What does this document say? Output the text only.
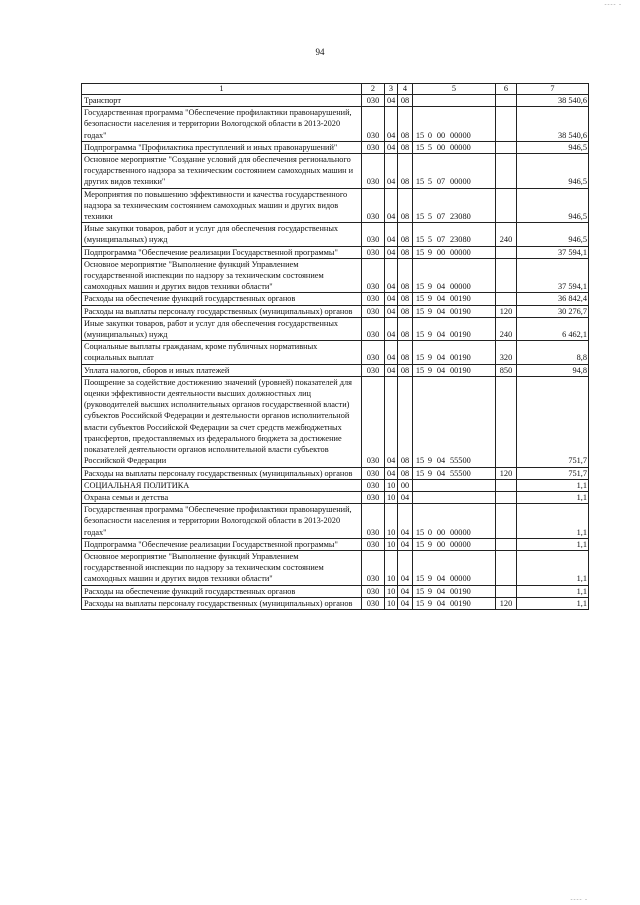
‑‑‑‑ ‑
94
1	2	3	4	5	6	7
Транспорт	030	04	08			38 540,6
Государственная программа "Обеспечение профилактики правонарушений, безопасности населения и территории Вологодской области в 2013-2020 годах"	030	04	08	15 0 00 00000		38 540,6
Подпрограмма "Профилактика преступлений и иных правонарушений"	030	04	08	15 5 00 00000		946,5
Основное мероприятие "Создание условий для обеспечения регионального государственного надзора за техническим состоянием самоходных машин и других видов техники"	030	04	08	15 5 07 00000		946,5
Мероприятия по повышению эффективности и качества государственного надзора за техническим состоянием самоходных машин и других видов техники	030	04	08	15 5 07 23080		946,5
Иные закупки товаров, работ и услуг для обеспечения государственных (муниципальных) нужд	030	04	08	15 5 07 23080	240	946,5
Подпрограмма "Обеспечение реализации Государственной программы"	030	04	08	15 9 00 00000		37 594,1
Основное мероприятие "Выполнение функций Управлением государственной инспекции по надзору за техническим состоянием самоходных машин и других видов техники области"	030	04	08	15 9 04 00000		37 594,1
Расходы на обеспечение функций государственных органов	030	04	08	15 9 04 00190		36 842,4
Расходы на выплаты персоналу государственных (муниципальных) органов	030	04	08	15 9 04 00190	120	30 276,7
Иные закупки товаров, работ и услуг для обеспечения государственных (муниципальных) нужд	030	04	08	15 9 04 00190	240	6 462,1
Социальные выплаты гражданам, кроме публичных нормативных социальных выплат	030	04	08	15 9 04 00190	320	8,8
Уплата налогов, сборов и иных платежей	030	04	08	15 9 04 00190	850	94,8
Поощрение за содействие достижению значений (уровней) показателей для оценки эффективности деятельности высших должностных лиц (руководителей высших исполнительных органов государственной власти) субъектов Российской Федерации и деятельности органов исполнительной власти субъектов Российской Федерации за счет средств межбюджетных трансфертов, предоставляемых из федерального бюджета за достижение показателей деятельности органов исполнительной власти субъектов Российской Федерации	030	04	08	15 9 04 55500		751,7
Расходы на выплаты персоналу государственных (муниципальных) органов	030	04	08	15 9 04 55500	120	751,7
СОЦИАЛЬНАЯ ПОЛИТИКА	030	10	00			1,1
Охрана семьи и детства	030	10	04			1,1
Государственная программа "Обеспечение профилактики правонарушений, безопасности населения и территории Вологодской области в 2013-2020 годах"	030	10	04	15 0 00 00000		1,1
Подпрограмма "Обеспечение реализации Государственной программы"	030	10	04	15 9 00 00000		1,1
Основное мероприятие "Выполнение функций Управлением государственной инспекции по надзору за техническим состоянием самоходных машин и других видов техники области"	030	10	04	15 9 04 00000		1,1
Расходы на обеспечение функций государственных органов	030	10	04	15 9 04 00190		1,1
Расходы на выплаты персоналу государственных (муниципальных) органов	030	10	04	15 9 04 00190	120	1,1
‑‑‑‑ ‑
